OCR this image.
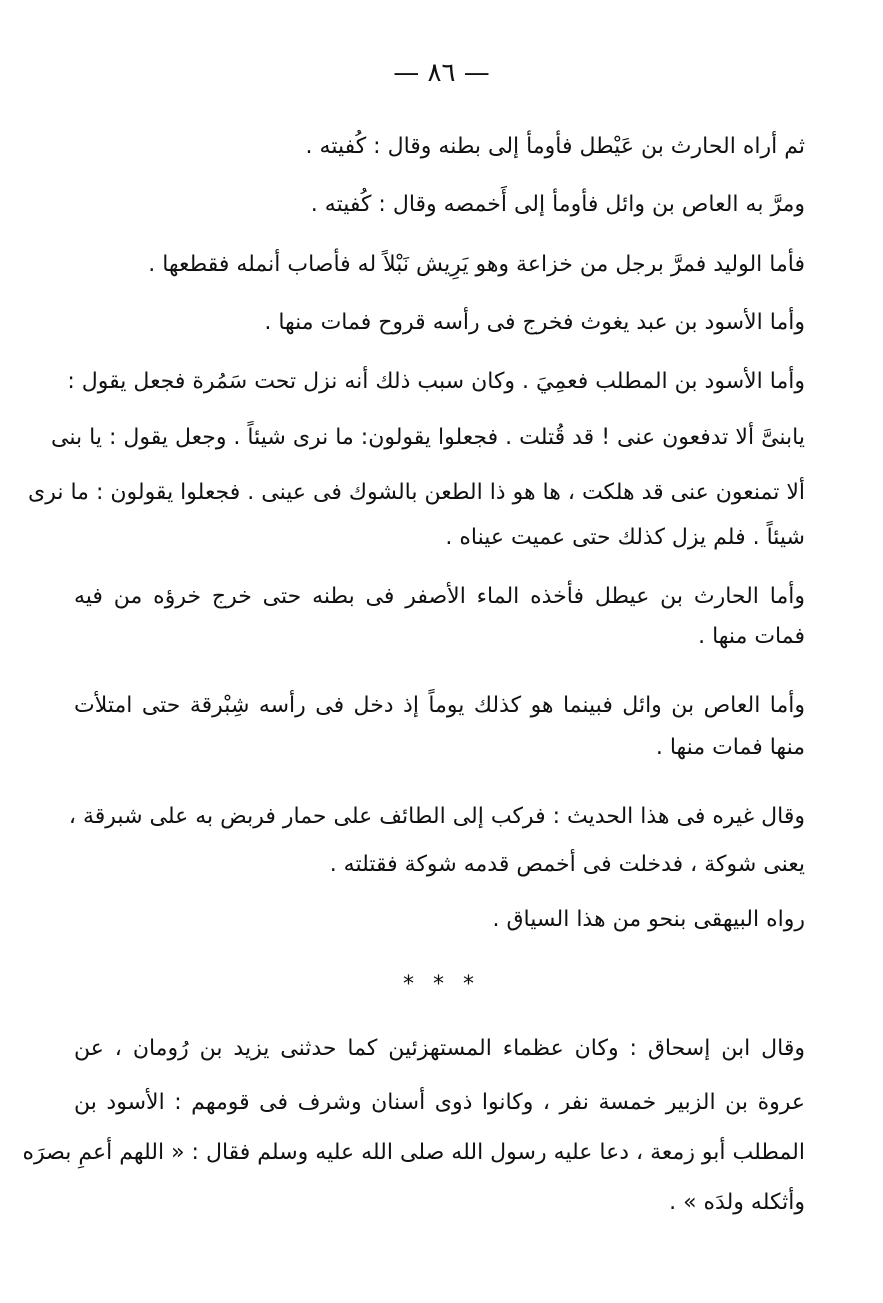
— ٨٦ —
ثم أراه الحارث بن عَيْطل فأومأ إلى بطنه وقال : كُفيته .
ومرَّ به العاص بن وائل فأومأ إلى أَخمصه وقال : كُفيته .
فأما الوليد فمرَّ برجل من خزاعة وهو يَرِيش نَبْلاً له فأصاب أنمله فقطعها .
وأما الأسود بن عبد يغوث فخرج فى رأسه قروح فمات منها .
وأما الأسود بن المطلب فعمِيَ . وكان سبب ذلك أنه نزل تحت سَمُرة فجعل يقول :
يابنىَّ ألا تدفعون عنى ! قد قُتلت . فجعلوا يقولون: ما نرى شيئاً . وجعل يقول : يا بنى
ألا تمنعون عنى قد هلكت ، ها هو ذا الطعن بالشوك فى عينى . فجعلوا يقولون : ما نرى
شيئاً . فلم يزل كذلك حتى عميت عيناه .
وأما الحارث بن عيطل فأخذه الماء الأصفر فى بطنه حتى خرج خرؤه من فيه
فمات منها .
وأما العاص بن وائل فبينما هو كذلك يوماً إذ دخل فى رأسه شِبْرقة حتى امتلأت
منها فمات منها .
وقال غيره فى هذا الحديث : فركب إلى الطائف على حمار فربض به على شبرقة ،
يعنى شوكة ، فدخلت فى أخمص قدمه شوكة فقتلته .
رواه البيهقى بنحو من هذا السياق .
* * *
وقال ابن إسحاق : وكان عظماء المستهزئين كما حدثنى يزيد بن رُومان ، عن
عروة بن الزبير خمسة نفر ، وكانوا ذوى أسنان وشرف فى قومهم : الأسود بن
المطلب أبو زمعة ، دعا عليه رسول الله صلى الله عليه وسلم فقال : « اللهم أعمِ بصرَه
وأثكله ولدَه » .
